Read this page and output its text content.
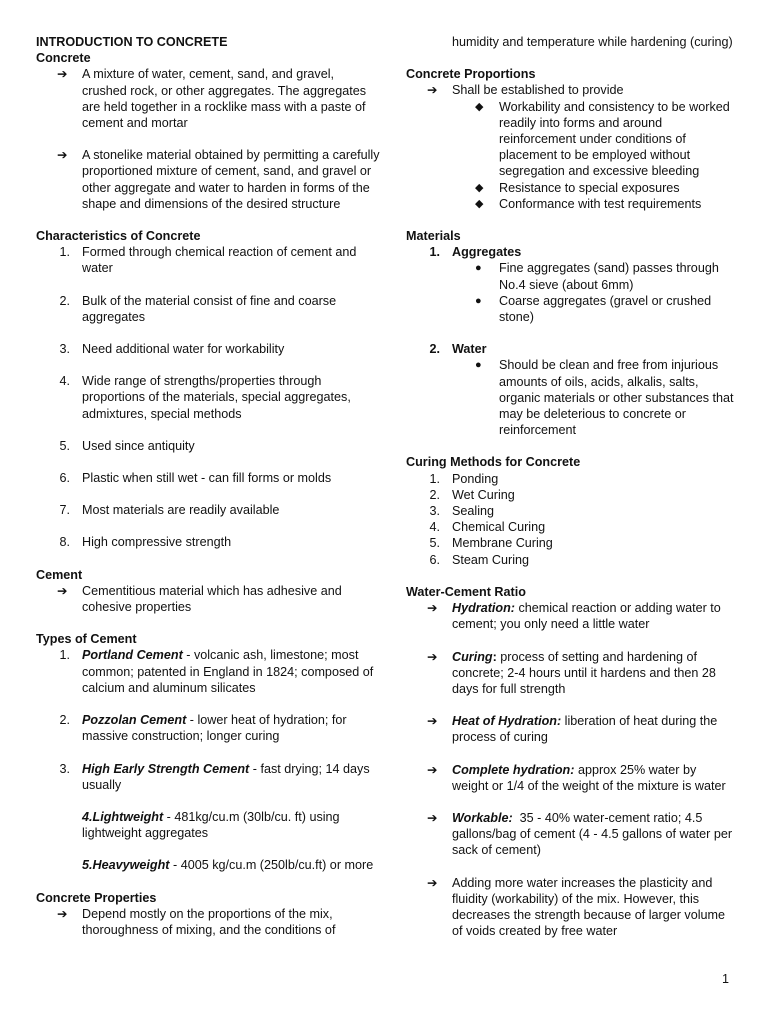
INTRODUCTION TO CONCRETE
Concrete
➔ A mixture of water, cement, sand, and gravel, crushed rock, or other aggregates. The aggregates are held together in a rocklike mass with a paste of cement and mortar
➔ A stonelike material obtained by permitting a carefully proportioned mixture of cement, sand, and gravel or other aggregate and water to harden in forms of the shape and dimensions of the desired structure
Characteristics of Concrete
1. Formed through chemical reaction of cement and water
2. Bulk of the material consist of fine and coarse aggregates
3. Need additional water for workability
4. Wide range of strengths/properties through proportions of the materials, special aggregates, admixtures, special methods
5. Used since antiquity
6. Plastic when still wet - can fill forms or molds
7. Most materials are readily available
8. High compressive strength
Cement
➔ Cementitious material which has adhesive and cohesive properties
Types of Cement
1. Portland Cement - volcanic ash, limestone; most common; patented in England in 1824; composed of calcium and aluminum silicates
2. Pozzolan Cement - lower heat of hydration; for massive construction; longer curing
3. High Early Strength Cement - fast drying; 14 days usually
4.Lightweight - 481kg/cu.m (30lb/cu. ft) using lightweight aggregates
5.Heavyweight - 4005 kg/cu.m (250lb/cu.ft) or more
Concrete Properties
➔ Depend mostly on the proportions of the mix, thoroughness of mixing, and the conditions of
humidity and temperature while hardening (curing)
Concrete Proportions
➔ Shall be established to provide
◆ Workability and consistency to be worked readily into forms and around reinforcement under conditions of placement to be employed without segregation and excessive bleeding
◆ Resistance to special exposures
◆ Conformance with test requirements
Materials
1. Aggregates
● Fine aggregates (sand) passes through No.4 sieve (about 6mm)
● Coarse aggregates (gravel or crushed stone)
2. Water
● Should be clean and free from injurious amounts of oils, acids, alkalis, salts, organic materials or other substances that may be deleterious to concrete or reinforcement
Curing Methods for Concrete
1. Ponding
2. Wet Curing
3. Sealing
4. Chemical Curing
5. Membrane Curing
6. Steam Curing
Water-Cement Ratio
➔ Hydration: chemical reaction or adding water to cement; you only need a little water
➔ Curing: process of setting and hardening of concrete; 2-4 hours until it hardens and then 28 days for full strength
➔ Heat of Hydration: liberation of heat during the process of curing
➔ Complete hydration: approx 25% water by weight or 1/4 of the weight of the mixture is water
➔ Workable:  35 - 40% water-cement ratio; 4.5 gallons/bag of cement (4 - 4.5 gallons of water per sack of cement)
➔ Adding more water increases the plasticity and fluidity (workability) of the mix. However, this decreases the strength because of larger volume of voids created by free water
1
